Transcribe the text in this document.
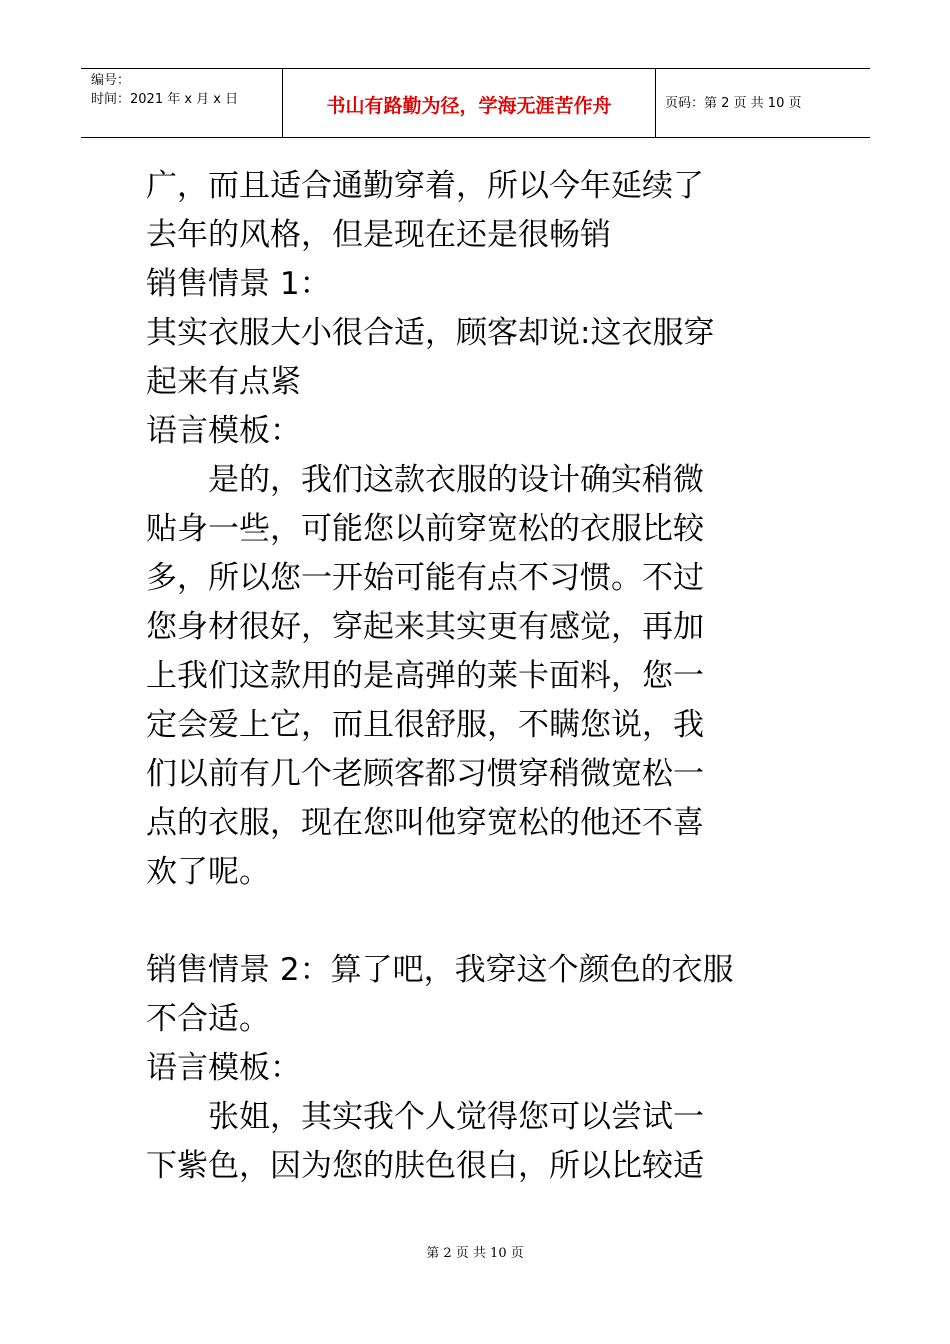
编号：
时间：2021 年 x 月 x 日	书山有路勤为径，学海无涯苦作舟	页码：第 2 页 共 10 页

广，而且适合通勤穿着，所以今年延续了

去年的风格，但是现在还是很畅销

销售情景 1：

其实衣服大小很合适，顾客却说:这衣服穿

起来有点紧

语言模板：

　　是的，我们这款衣服的设计确实稍微

贴身一些，可能您以前穿宽松的衣服比较

多，所以您一开始可能有点不习惯。不过

您身材很好，穿起来其实更有感觉，再加

上我们这款用的是高弹的莱卡面料，您一

定会爱上它，而且很舒服，不瞒您说，我

们以前有几个老顾客都习惯穿稍微宽松一

点的衣服，现在您叫他穿宽松的他还不喜

欢了呢。

销售情景 2：算了吧，我穿这个颜色的衣服

不合适。

语言模板：

　　张姐，其实我个人觉得您可以尝试一

下紫色，因为您的肤色很白，所以比较适

第 2 页 共 10 页
